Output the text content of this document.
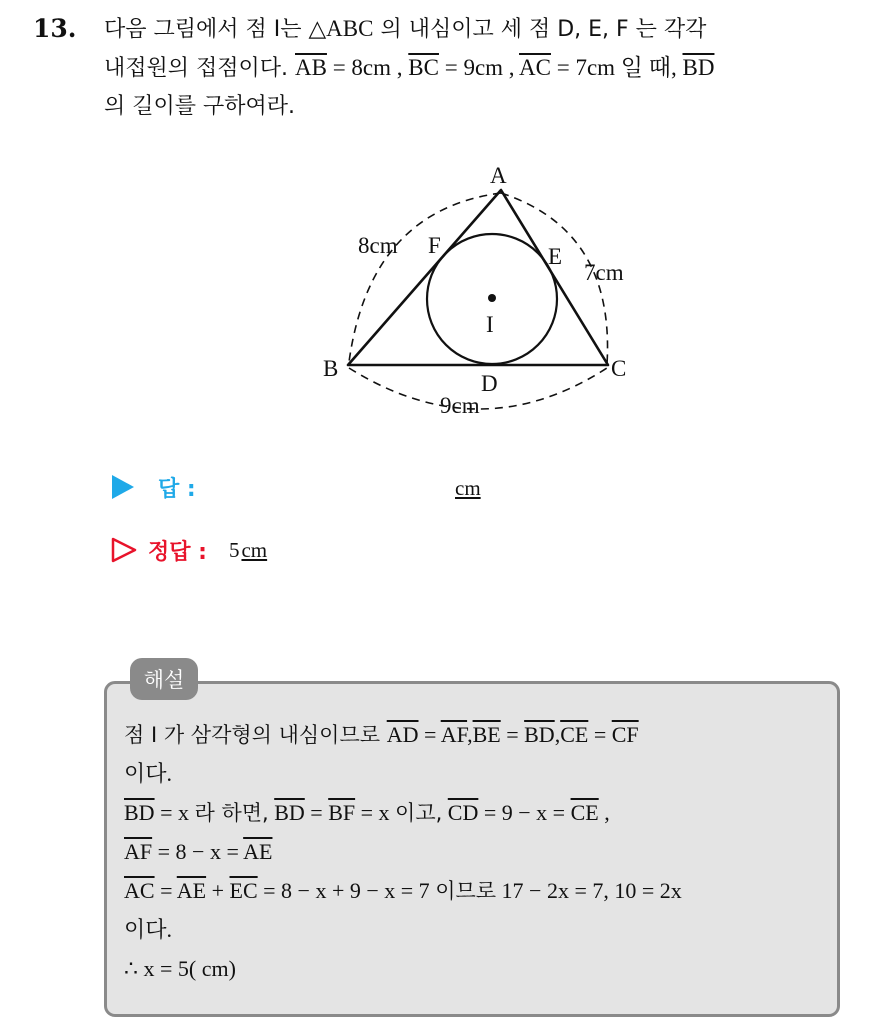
13. 다음 그림에서 점 I는 △ABC 의 내심이고 세 점 D, E, F 는 각각
내접원의 접점이다. $\overline{AB} = 8cm$ , $\overline{BC} = 9cm$ , $\overline{AC} = 7cm$ 일 때, $\overline{BD}$
의 길이를 구하여라.
A
B	C
D
E
F
I
8cm
7cm
9cm
답 :	cm
정답 : 5cm
해설
점 I 가 삼각형의 내심이므로 $\overline{AD} = \overline{AF},\overline{BE} = \overline{BD},\overline{CE} = \overline{CF}$
이다.
$\overline{BD} = x$ 라 하면, $\overline{BD} = \overline{BF} = x$ 이고, $\overline{CD} = 9 - x = \overline{CE}$ ,
$\overline{AF} = 8 - x = \overline{AE}$
$\overline{AC} = \overline{AE} + \overline{EC} = 8 - x + 9 - x = 7$ 이므로 17 − 2x = 7, 10 = 2x
이다.
∴ x = 5( cm)
